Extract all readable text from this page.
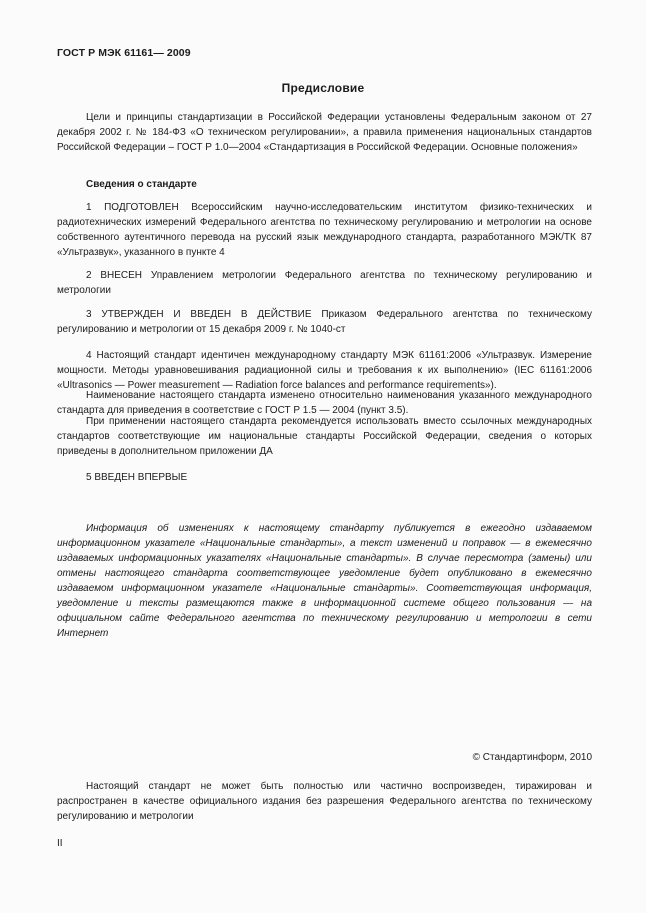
ГОСТ Р МЭК 61161— 2009
Предисловие

Цели и принципы стандартизации в Российской Федерации установлены Федеральным законом от 27 декабря 2002 г. № 184-ФЗ «О техническом регулировании», а правила применения национальных стандартов Российской Федерации – ГОСТ Р 1.0—2004 «Стандартизация в Российской Федерации. Основные положения»

Сведения о стандарте

1 ПОДГОТОВЛЕН Всероссийским научно-исследовательским институтом физико-технических и радиотехнических измерений Федерального агентства по техническому регулированию и метрологии на основе собственного аутентичного перевода на русский язык международного стандарта, разработанного МЭК/ТК 87 «Ультразвук», указанного в пункте 4

2 ВНЕСЕН Управлением метрологии Федерального агентства по техническому регулированию и метрологии

3 УТВЕРЖДЕН И ВВЕДЕН В ДЕЙСТВИЕ Приказом Федерального агентства по техническому регулированию и метрологии от 15 декабря 2009 г. № 1040-ст

4 Настоящий стандарт идентичен международному стандарту МЭК 61161:2006 «Ультразвук. Измерение мощности. Методы уравновешивания радиационной силы и требования к их выполнению» (IEC 61161:2006 «Ultrasonics — Power measurement — Radiation force balances and performance requirements»).

Наименование настоящего стандарта изменено относительно наименования указанного международного стандарта для приведения в соответствие с ГОСТ Р 1.5 — 2004 (пункт 3.5).

При применении настоящего стандарта рекомендуется использовать вместо ссылочных международных стандартов соответствующие им национальные стандарты Российской Федерации, сведения о которых приведены в дополнительном приложении ДА

5 ВВЕДЕН ВПЕРВЫЕ

Информация об изменениях к настоящему стандарту публикуется в ежегодно издаваемом информационном указателе «Национальные стандарты», а текст изменений и поправок — в ежемесячно издаваемых информационных указателях «Национальные стандарты». В случае пересмотра (замены) или отмены настоящего стандарта соответствующее уведомление будет опубликовано в ежемесячно издаваемом информационном указателе «Национальные стандарты». Соответствующая информация, уведомление и тексты размещаются также в информационной системе общего пользования — на официальном сайте Федерального агентства по техническому регулированию и метрологии в сети Интернет

© Стандартинформ, 2010

Настоящий стандарт не может быть полностью или частично воспроизведен, тиражирован и распространен в качестве официального издания без разрешения Федерального агентства по техническому регулированию и метрологии

II
